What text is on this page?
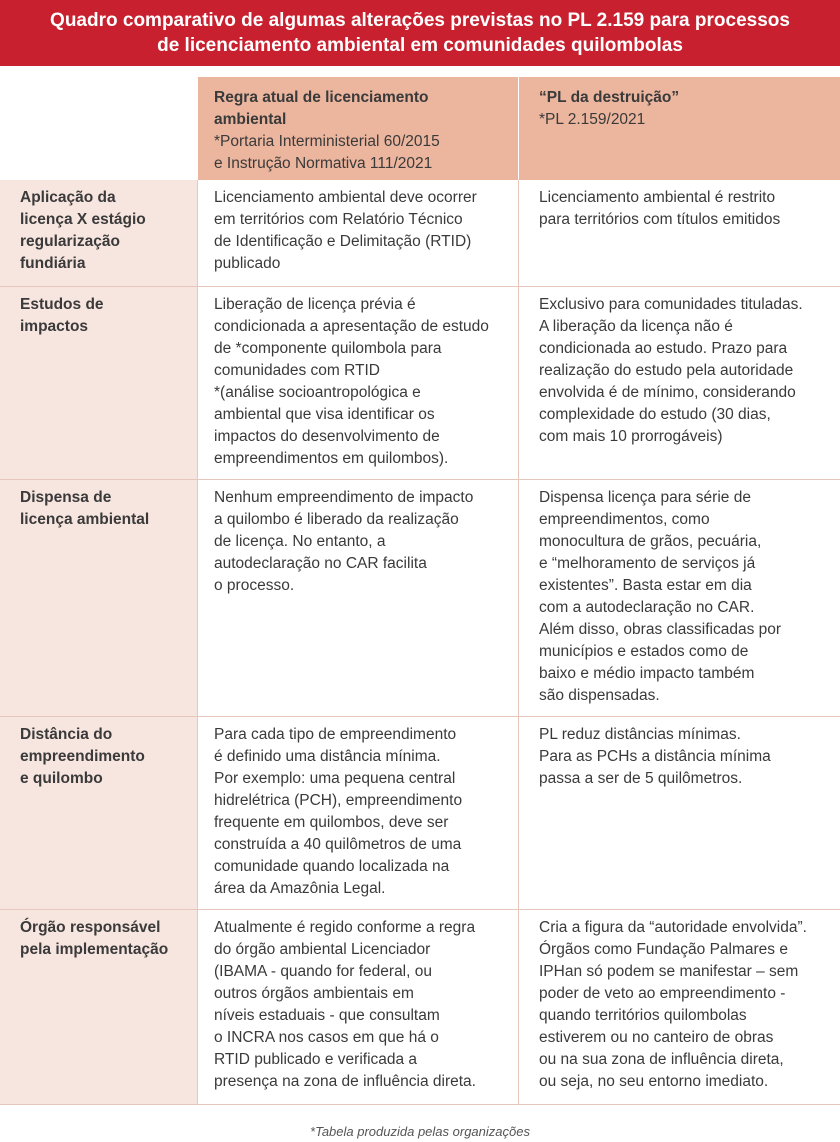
Quadro comparativo de algumas alterações previstas no PL 2.159 para processos de licenciamento ambiental em comunidades quilombolas
Regra atual de licenciamento
ambiental
*Portaria Interministerial 60/2015
e Instrução Normativa 111/2021
“PL da destruição”
*PL 2.159/2021
Aplicação da
licença X estágio
regularização
fundiária
Licenciamento ambiental deve ocorrer
em territórios com Relatório Técnico
de Identificação e Delimitação (RTID)
publicado
Licenciamento ambiental é restrito
para territórios com títulos emitidos
Estudos de
impactos
Liberação de licença prévia é
condicionada a apresentação de estudo
de *componente quilombola para
comunidades com RTID
*(análise socioantropológica e
ambiental que visa identificar os
impactos do desenvolvimento de
empreendimentos em quilombos).
Exclusivo para comunidades tituladas.
A liberação da licença não é
condicionada ao estudo. Prazo para
realização do estudo pela autoridade
envolvida é de mínimo, considerando
complexidade do estudo (30 dias,
com mais 10 prorrogáveis)
Dispensa de
licença ambiental
Nenhum empreendimento de impacto
a quilombo é liberado da realização
de licença. No entanto, a
autodeclaração no CAR facilita
o processo.
Dispensa licença para série de
empreendimentos, como
monocultura de grãos, pecuária,
e “melhoramento de serviços já
existentes”. Basta estar em dia
com a autodeclaração no CAR.
Além disso, obras classificadas por
municípios e estados como de
baixo e médio impacto também
são dispensadas.
Distância do
empreendimento
e quilombo
Para cada tipo de empreendimento
é definido uma distância mínima.
Por exemplo: uma pequena central
hidrelétrica (PCH), empreendimento
frequente em quilombos, deve ser
construída a 40 quilômetros de uma
comunidade quando localizada na
área da Amazônia Legal.
PL reduz distâncias mínimas.
Para as PCHs a distância mínima
passa a ser de 5 quilômetros.
Órgão responsável
pela implementação
Atualmente é regido conforme a regra
do órgão ambiental Licenciador
(IBAMA - quando for federal, ou
outros órgãos ambientais em
níveis estaduais - que consultam
o INCRA nos casos em que há o
RTID publicado e verificada a
presença na zona de influência direta.
Cria a figura da “autoridade envolvida”.
Órgãos como Fundação Palmares e
IPHan só podem se manifestar – sem
poder de veto ao empreendimento -
quando territórios quilombolas
estiverem ou no canteiro de obras
ou na sua zona de influência direta,
ou seja, no seu entorno imediato.
*Tabela produzida pelas organizações
